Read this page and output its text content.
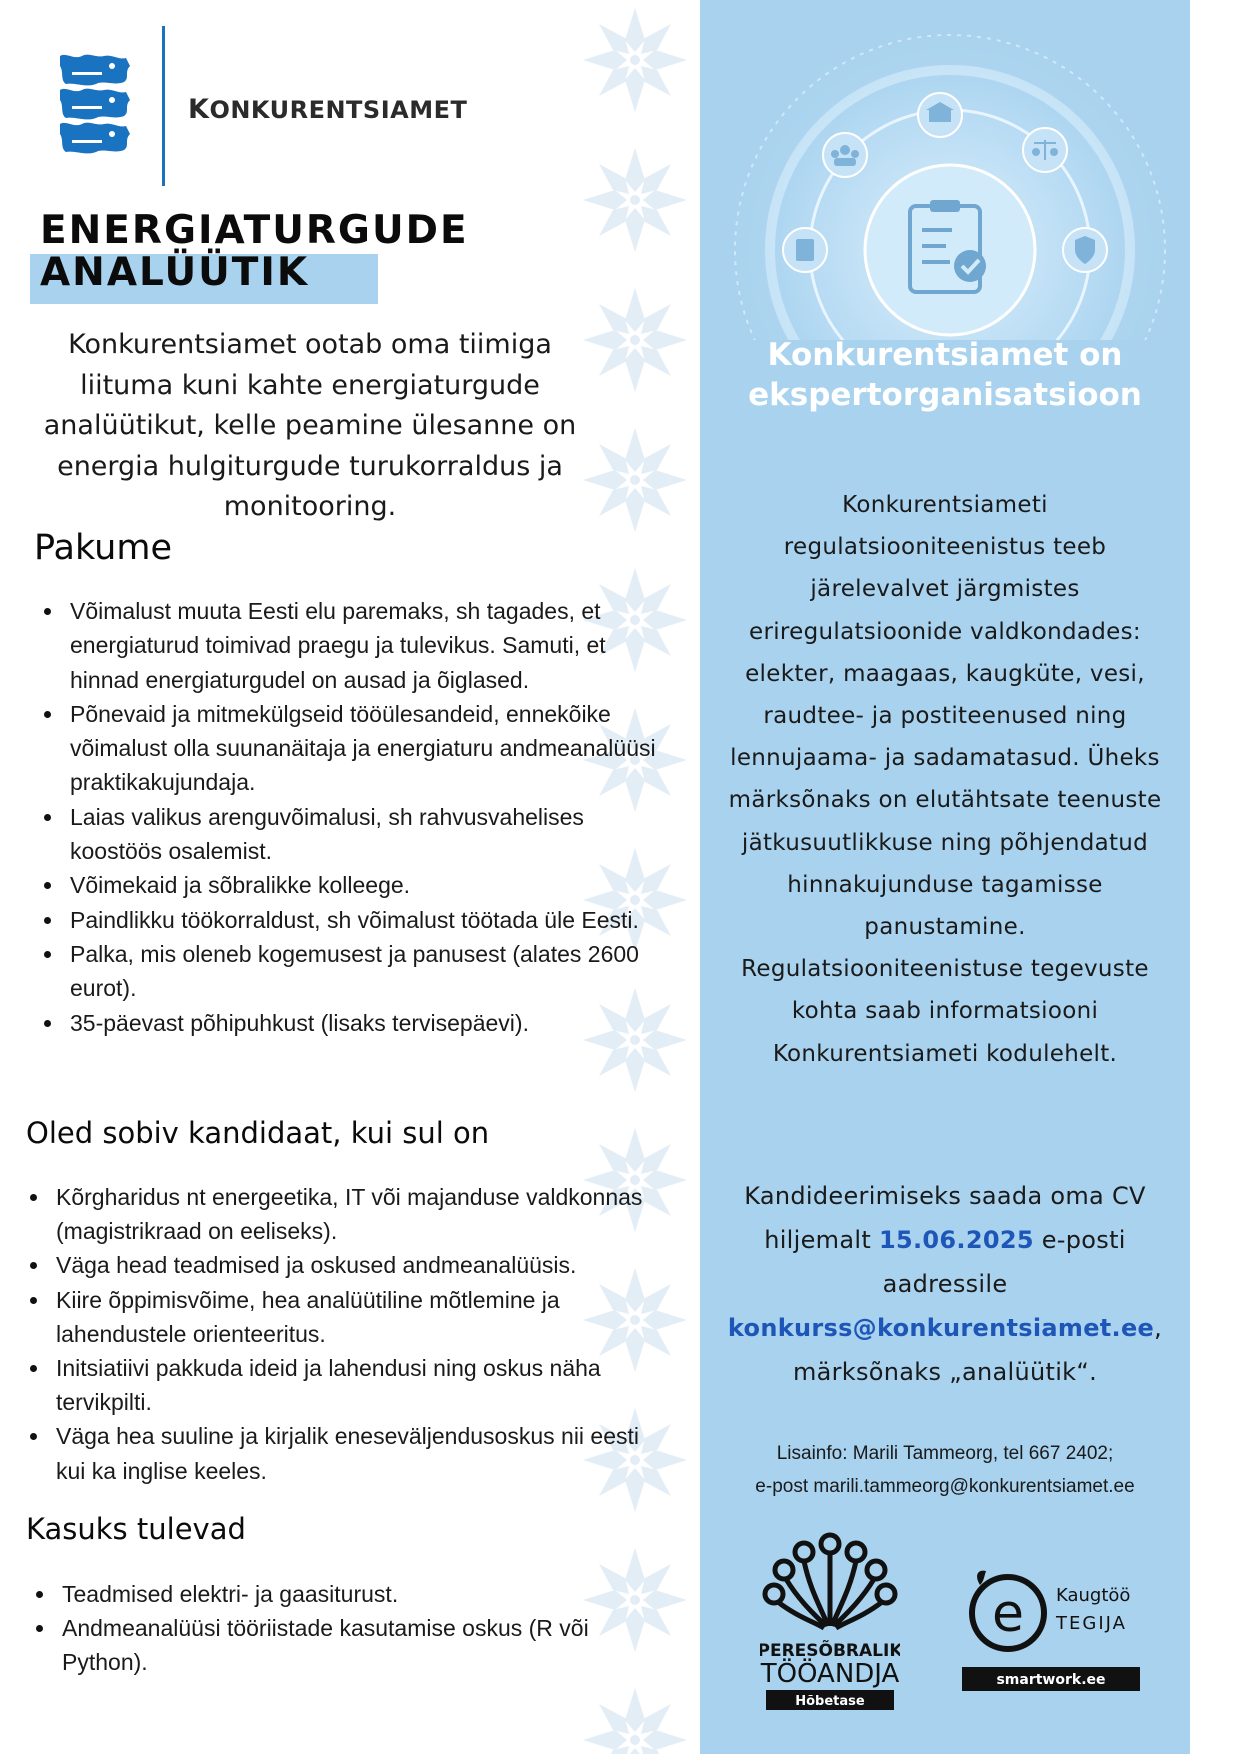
KONKURENTSIAMET
ENERGIATURGUDE
ANALÜÜTIK

Konkurentsiamet ootab oma tiimiga liituma kuni kahte energiaturgude analüütikut, kelle peamine ülesanne on energia hulgiturgude turukorraldus ja monitooring.

Pakume
Võimalust muuta Eesti elu paremaks, sh tagades, et energiaturud toimivad praegu ja tulevikus. Samuti, et hinnad energiaturgudel on ausad ja õiglased.
Põnevaid ja mitmekülgseid tööülesandeid, ennekõike võimalust olla suunanäitaja ja energiaturu andmeanalüüsi praktikakujundaja.
Laias valikus arenguvõimalusi, sh rahvusvahelises koostöös osalemist.
Võimekaid ja sõbralikke kolleege.
Paindlikku töökorraldust, sh võimalust töötada üle Eesti.
Palka, mis oleneb kogemusest ja panusest (alates 2600 eurot).
35-päevast põhipuhkust (lisaks tervisepäevi).
Oled sobiv kandidaat, kui sul on
Kõrgharidus nt energeetika, IT või majanduse valdkonnas (magistrikraad on eeliseks).
Väga head teadmised ja oskused andmeanalüüsis.
Kiire õppimisvõime, hea analüütiline mõtlemine ja lahendustele orienteeritus.
Initsiatiivi pakkuda ideid ja lahendusi ning oskus näha tervikpilti.
Väga hea suuline ja kirjalik eneseväljendusoskus nii eesti kui ka inglise keeles.
Kasuks tulevad
Teadmised elektri- ja gaasiturust.
Andmeanalüüsi tööriistade kasutamise oskus (R või Python).
Konkurentsiamet on ekspertorganisatsioon

Konkurentsiameti regulatsiooniteenistus teeb järelevalvet järgmistes eriregulatsioonide valdkondades: elekter, maagaas, kaugküte, vesi, raudtee- ja postiteenused ning lennujaama- ja sadamatasud. Üheks märksõnaks on elutähtsate teenuste jätkusuutlikkuse ning põhjendatud hinnakujunduse tagamisse panustamine. Regulatsiooniteenistuse tegevuste kohta saab informatsiooni Konkurentsiameti kodulehelt.

Kandideerimiseks saada oma CV hiljemalt 15.06.2025 e-posti aadressile konkurss@konkurentsiamet.ee, märksõnaks „analüütik“.

Lisainfo: Marili Tammeorg, tel 667 2402;
e-post marili.tammeorg@konkurentsiamet.ee
PERESÕBRALIK
TÖÖANDJA
Hõbetase
e Kaugtöö
TEGIJA
smartwork.ee
